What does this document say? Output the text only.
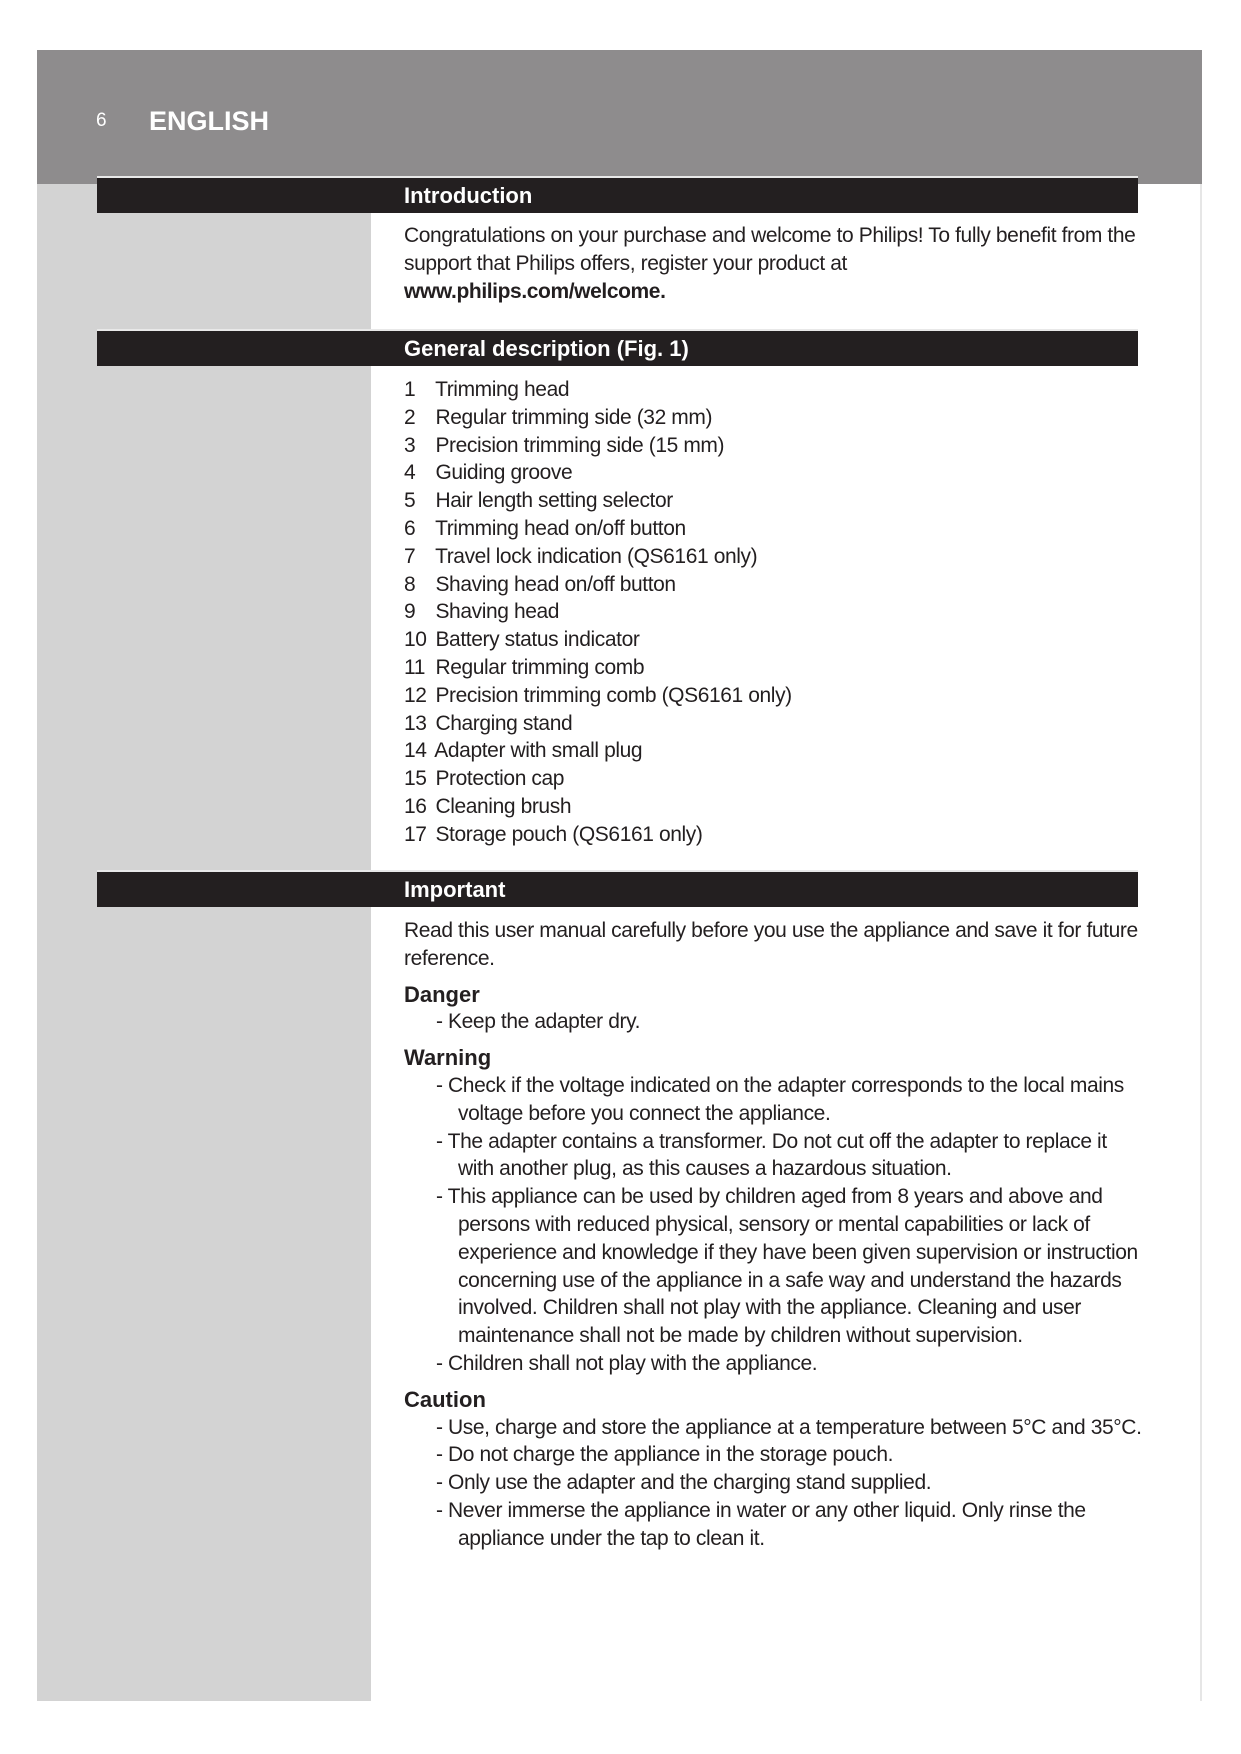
6 ENGLISH
Introduction
Congratulations on your purchase and welcome to Philips! To fully benefit from the support that Philips offers, register your product at
www.philips.com/welcome.
General description (Fig. 1)
1 Trimming head
2 Regular trimming side (32 mm)
3 Precision trimming side (15 mm)
4 Guiding groove
5 Hair length setting selector
6 Trimming head on/off button
7 Travel lock indication (QS6161 only)
8 Shaving head on/off button
9 Shaving head
10 Battery status indicator
11 Regular trimming comb
12 Precision trimming comb (QS6161 only)
13 Charging stand
14 Adapter with small plug
15 Protection cap
16 Cleaning brush
17 Storage pouch (QS6161 only)
Important
Read this user manual carefully before you use the appliance and save it for future reference.
Danger
- Keep the adapter dry.
Warning
- Check if the voltage indicated on the adapter corresponds to the local mains voltage before you connect the appliance.
- The adapter contains a transformer. Do not cut off the adapter to replace it with another plug, as this causes a hazardous situation.
- This appliance can be used by children aged from 8 years and above and persons with reduced physical, sensory or mental capabilities or lack of experience and knowledge if they have been given supervision or instruction concerning use of the appliance in a safe way and understand the hazards involved. Children shall not play with the appliance. Cleaning and user maintenance shall not be made by children without supervision.
- Children shall not play with the appliance.
Caution
- Use, charge and store the appliance at a temperature between 5°C and 35°C.
- Do not charge the appliance in the storage pouch.
- Only use the adapter and the charging stand supplied.
- Never immerse the appliance in water or any other liquid. Only rinse the appliance under the tap to clean it.
